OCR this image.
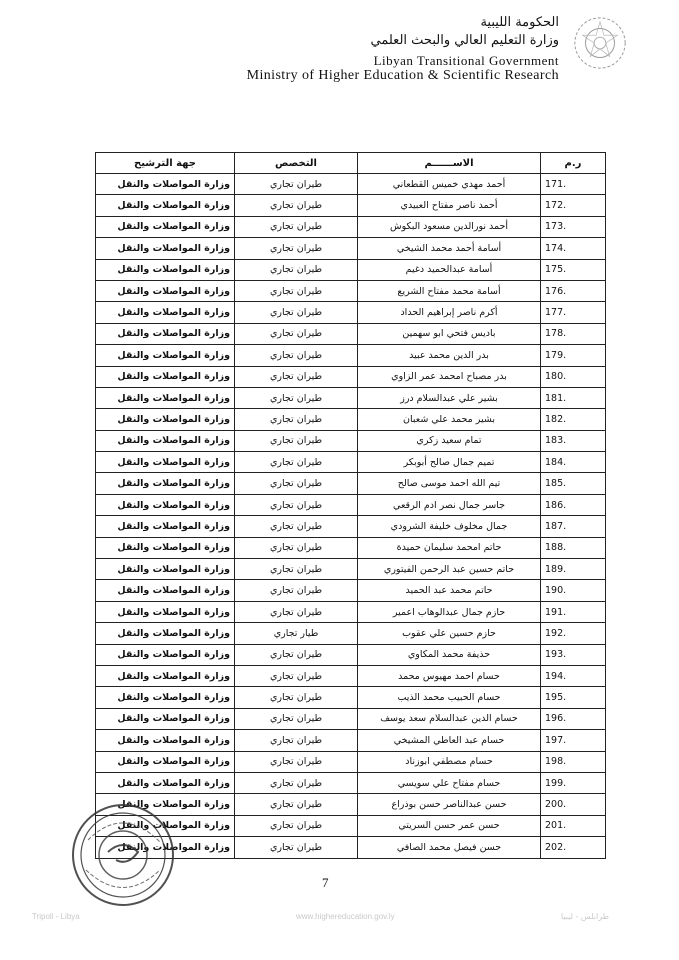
الحكومة الليبية
وزارة التعليم العالي والبحث العلمي
Libyan Transitional Government
Ministry of Higher Education & Scientific Research
ر.م	الاســــــم	التخصص	جهة الترشيح
171.	أحمد مهدي خميس القطعاني	طيران تجاري	وزارة المواصلات والنقل
172.	أحمد ناصر مفتاح العبيدي	طيران تجاري	وزارة المواصلات والنقل
173.	أحمد نورالدين مسعود البكوش	طيران تجاري	وزارة المواصلات والنقل
174.	أسامة أحمد محمد الشيخي	طيران تجاري	وزارة المواصلات والنقل
175.	أسامة عبدالحميد دغيم	طيران تجاري	وزارة المواصلات والنقل
176.	أسامة محمد مفتاح الشريع	طيران تجاري	وزارة المواصلات والنقل
177.	أكرم ناصر إبراهيم الحداد	طيران تجاري	وزارة المواصلات والنقل
178.	باديس فتحي ابو سهمين	طيران تجاري	وزارة المواصلات والنقل
179.	بدر الدين محمد عبيد	طيران تجاري	وزارة المواصلات والنقل
180.	بدر مصباح امحمد عمر الزاوي	طيران تجاري	وزارة المواصلات والنقل
181.	بشير علي عبدالسلام درز	طيران تجاري	وزارة المواصلات والنقل
182.	بشير محمد علي شعبان	طيران تجاري	وزارة المواصلات والنقل
183.	تمام سعيد زكري	طيران تجاري	وزارة المواصلات والنقل
184.	تميم جمال صالح أبوبكر	طيران تجاري	وزارة المواصلات والنقل
185.	تيم الله احمد موسى صالح	طيران تجاري	وزارة المواصلات والنقل
186.	جاسر جمال نصر ادم الرقعي	طيران تجاري	وزارة المواصلات والنقل
187.	جمال مخلوف خليفة الشرودي	طيران تجاري	وزارة المواصلات والنقل
188.	حاتم امحمد سليمان حميدة	طيران تجاري	وزارة المواصلات والنقل
189.	حاتم حسين عبد الرحمن الفيتوري	طيران تجاري	وزارة المواصلات والنقل
190.	حاتم محمد عبد الحميد	طيران تجاري	وزارة المواصلات والنقل
191.	حازم جمال عبدالوهاب اعمير	طيران تجاري	وزارة المواصلات والنقل
192.	حازم حسين علي عقوب	طيار تجاري	وزارة المواصلات والنقل
193.	حذيفة محمد المكاوي	طيران تجاري	وزارة المواصلات والنقل
194.	حسام احمد مهيوس محمد	طيران تجاري	وزارة المواصلات والنقل
195.	حسام الحبيب محمد الذيب	طيران تجاري	وزارة المواصلات والنقل
196.	حسام الدين عبدالسلام سعد يوسف	طيران تجاري	وزارة المواصلات والنقل
197.	حسام عبد العاطي المشيخي	طيران تجاري	وزارة المواصلات والنقل
198.	حسام مصطفي ابوزناد	طيران تجاري	وزارة المواصلات والنقل
199.	حسام مفتاح علي سويسي	طيران تجاري	وزارة المواصلات والنقل
200.	حسن عبدالناصر حسن بوذراع	طيران تجاري	وزارة المواصلات والنقل
201.	حسن عمر حسن السريتي	طيران تجاري	وزارة المواصلات والنقل
202.	حسن فيصل محمد الصافي	طيران تجاري	وزارة المواصلات والنقل
7
Tripoli - Libya	www.highereducation.gov.ly	طرابلس - ليبيا
